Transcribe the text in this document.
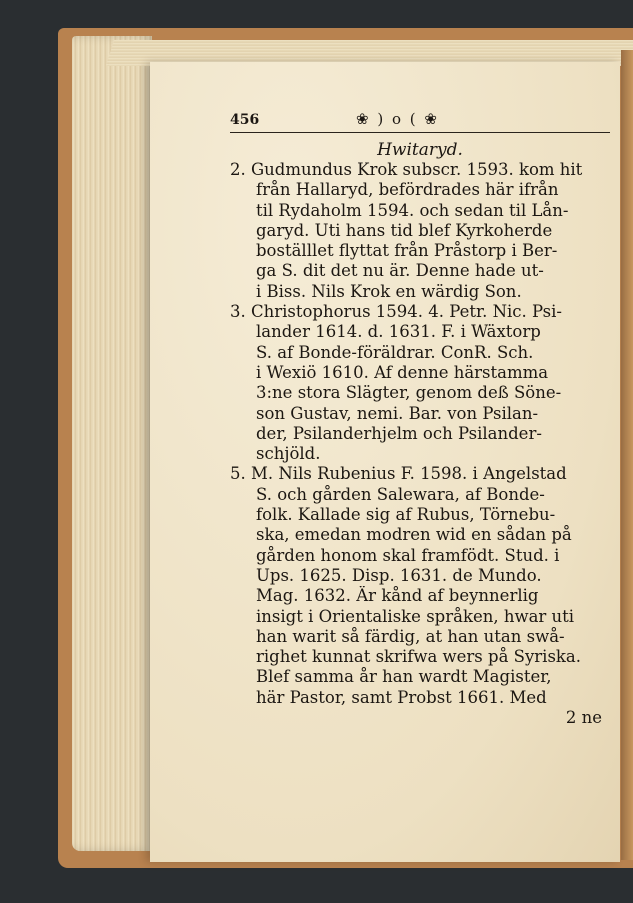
456	❀ ) o ( ❀
Hwitaryd.
2. Gudmundus Krok subscr. 1593. kom hit
från Hallaryd, befördrades här ifrån
til Rydaholm 1594. och sedan til Lån-
garyd. Uti hans tid blef Kyrkoherde
boställlet flyttat från Pråstorp i Ber-
ga S. dit det nu är. Denne hade ut-
i Biss. Nils Krok en wärdig Son.
3. Christophorus 1594. 4. Petr. Nic. Psi-
lander 1614. d. 1631. F. i Wäxtorp
S. af Bonde-föräldrar. ConR. Sch.
i Wexiö 1610. Af denne härstamma
3:ne stora Slägter, genom deß Söne-
son Gustav, nemi. Bar. von Psilan-
der, Psilanderhjelm och Psilander-
schjöld.
5. M. Nils Rubenius F. 1598. i Angelstad
S. och gården Salewara, af Bonde-
folk. Kallade sig af Rubus, Törnebu-
ska, emedan modren wid en sådan på
gården honom skal framfödt. Stud. i
Ups. 1625. Disp. 1631. de Mundo.
Mag. 1632. Är kånd af beynnerlig
insigt i Orientaliske språken, hwar uti
han warit så färdig, at han utan swå-
righet kunnat skrifwa wers på Syriska.
Blef samma år han wardt Magister,
här Pastor, samt Probst 1661. Med
2 ne
